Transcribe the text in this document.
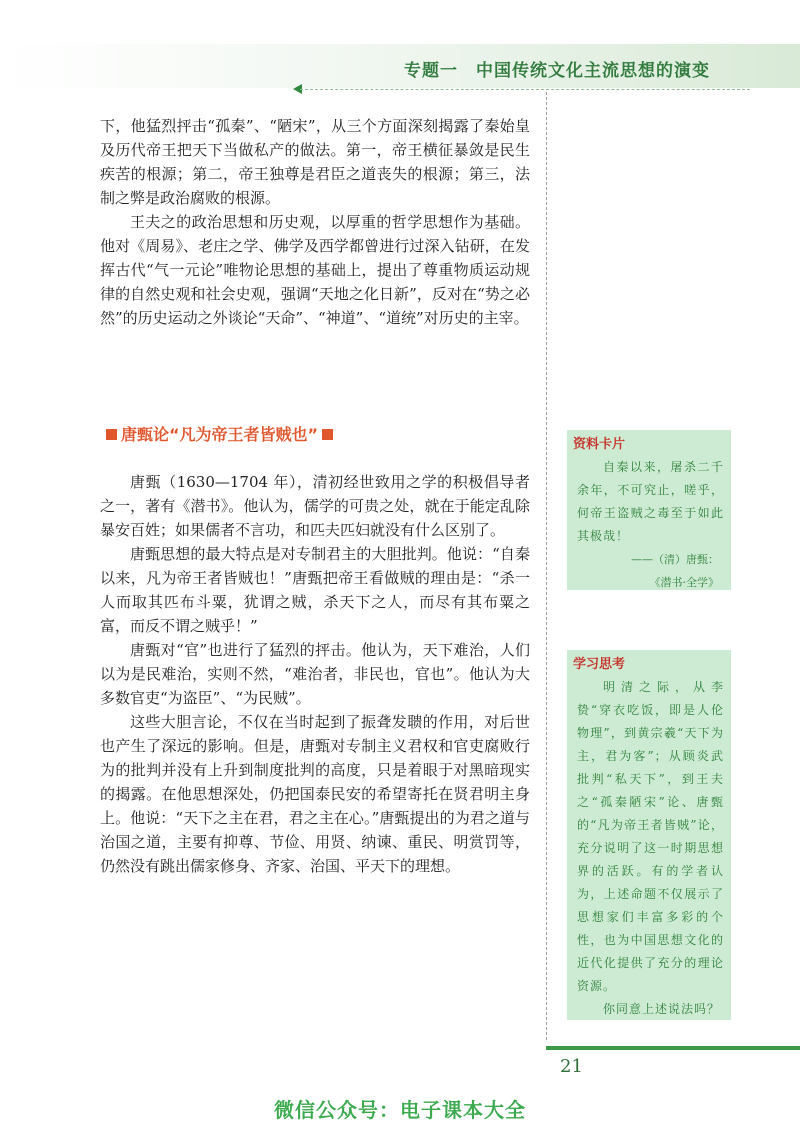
专题一　中国传统文化主流思想的演变

下，他猛烈抨击“孤秦”、“陋宋”，从三个方面深刻揭露了秦始皇及历代帝王把天下当做私产的做法。第一，帝王横征暴敛是民生疾苦的根源；第二，帝王独尊是君臣之道丧失的根源；第三，法制之弊是政治腐败的根源。

王夫之的政治思想和历史观，以厚重的哲学思想作为基础。他对《周易》、老庄之学、佛学及西学都曾进行过深入钻研，在发挥古代“气一元论”唯物论思想的基础上，提出了尊重物质运动规律的自然史观和社会史观，强调“天地之化日新”，反对在“势之必然”的历史运动之外谈论“天命”、“神道”、“道统”对历史的主宰。

唐甄论“凡为帝王者皆贼也”

唐甄（1630—1704 年），清初经世致用之学的积极倡导者之一，著有《潜书》。他认为，儒学的可贵之处，就在于能定乱除暴安百姓；如果儒者不言功，和匹夫匹妇就没有什么区别了。

唐甄思想的最大特点是对专制君主的大胆批判。他说：“自秦以来，凡为帝王者皆贼也！”唐甄把帝王看做贼的理由是：“杀一人而取其匹布斗粟，犹谓之贼，杀天下之人，而尽有其布粟之富，而反不谓之贼乎！”

唐甄对“官”也进行了猛烈的抨击。他认为，天下难治，人们以为是民难治，实则不然，“难治者，非民也，官也”。他认为大多数官吏“为盗臣”、“为民贼”。

这些大胆言论，不仅在当时起到了振聋发聩的作用，对后世也产生了深远的影响。但是，唐甄对专制主义君权和官吏腐败行为的批判并没有上升到制度批判的高度，只是着眼于对黑暗现实的揭露。在他思想深处，仍把国泰民安的希望寄托在贤君明主身上。他说：“天下之主在君，君之主在心。”唐甄提出的为君之道与治国之道，主要有抑尊、节俭、用贤、纳谏、重民、明赏罚等，仍然没有跳出儒家修身、齐家、治国、平天下的理想。

资料卡片
自秦以来，屠杀二千余年，不可究止，嗟乎，何帝王盗贼之毒至于如此其极哉！
——（清）唐甄：
《潜书·全学》
学习思考
明清之际，从李贽“穿衣吃饭，即是人伦物理”，到黄宗羲“天下为主，君为客”；从顾炎武批判“私天下”，到王夫之“孤秦陋宋”论、唐甄的“凡为帝王者皆贼”论，充分说明了这一时期思想界的活跃。有的学者认为，上述命题不仅展示了思想家们丰富多彩的个性，也为中国思想文化的近代化提供了充分的理论资源。
你同意上述说法吗？
21
微信公众号：电子课本大全
